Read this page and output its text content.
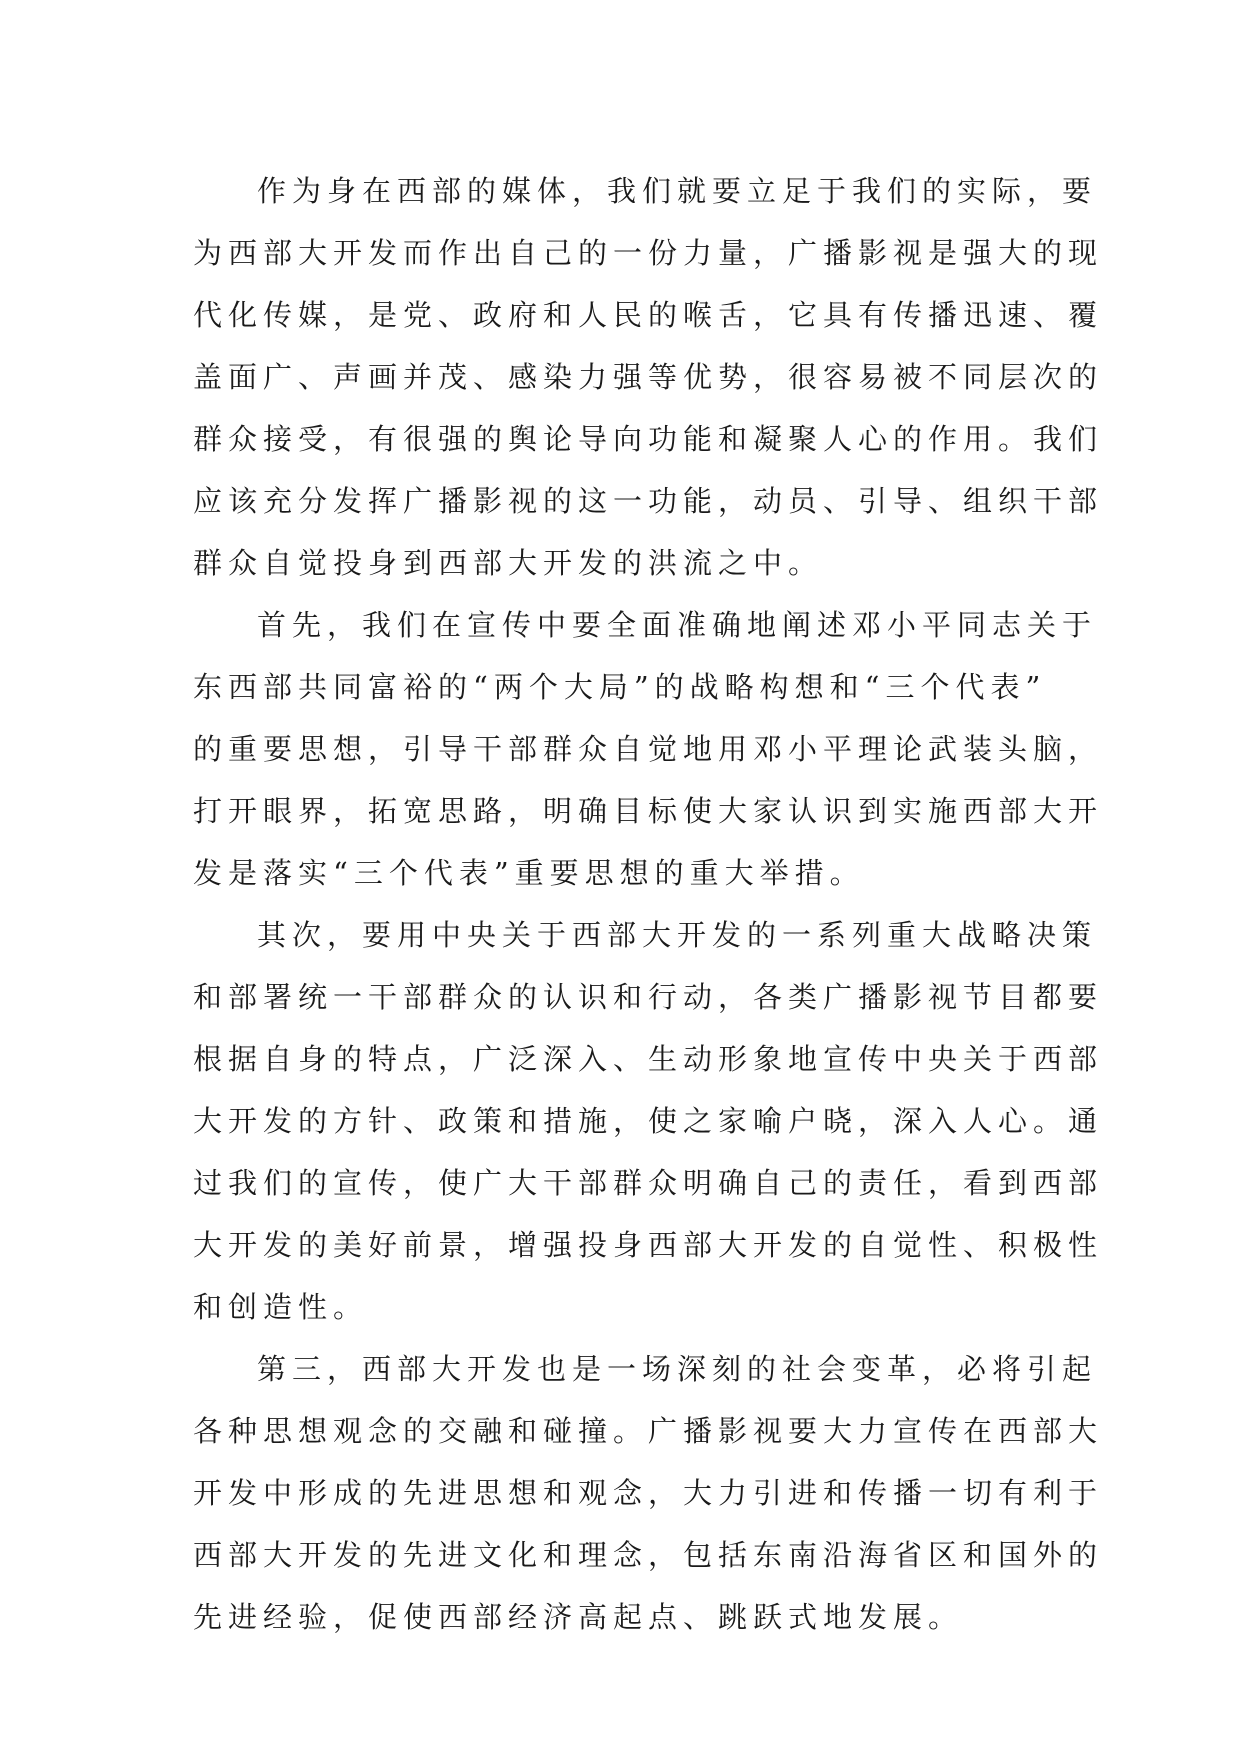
作为身在西部的媒体，我们就要立足于我们的实际，要
为西部大开发而作出自己的一份力量，广播影视是强大的现
代化传媒，是党、政府和人民的喉舌，它具有传播迅速、覆
盖面广、声画并茂、感染力强等优势，很容易被不同层次的
群众接受，有很强的舆论导向功能和凝聚人心的作用。我们
应该充分发挥广播影视的这一功能，动员、引导、组织干部
群众自觉投身到西部大开发的洪流之中。
首先，我们在宣传中要全面准确地阐述邓小平同志关于
东西部共同富裕的“两个大局”的战略构想和“三个代表”
的重要思想，引导干部群众自觉地用邓小平理论武装头脑，
打开眼界，拓宽思路，明确目标使大家认识到实施西部大开
发是落实“三个代表”重要思想的重大举措。
其次，要用中央关于西部大开发的一系列重大战略决策
和部署统一干部群众的认识和行动，各类广播影视节目都要
根据自身的特点，广泛深入、生动形象地宣传中央关于西部
大开发的方针、政策和措施，使之家喻户晓，深入人心。通
过我们的宣传，使广大干部群众明确自己的责任，看到西部
大开发的美好前景，增强投身西部大开发的自觉性、积极性
和创造性。
第三，西部大开发也是一场深刻的社会变革，必将引起
各种思想观念的交融和碰撞。广播影视要大力宣传在西部大
开发中形成的先进思想和观念，大力引进和传播一切有利于
西部大开发的先进文化和理念，包括东南沿海省区和国外的
先进经验，促使西部经济高起点、跳跃式地发展。
